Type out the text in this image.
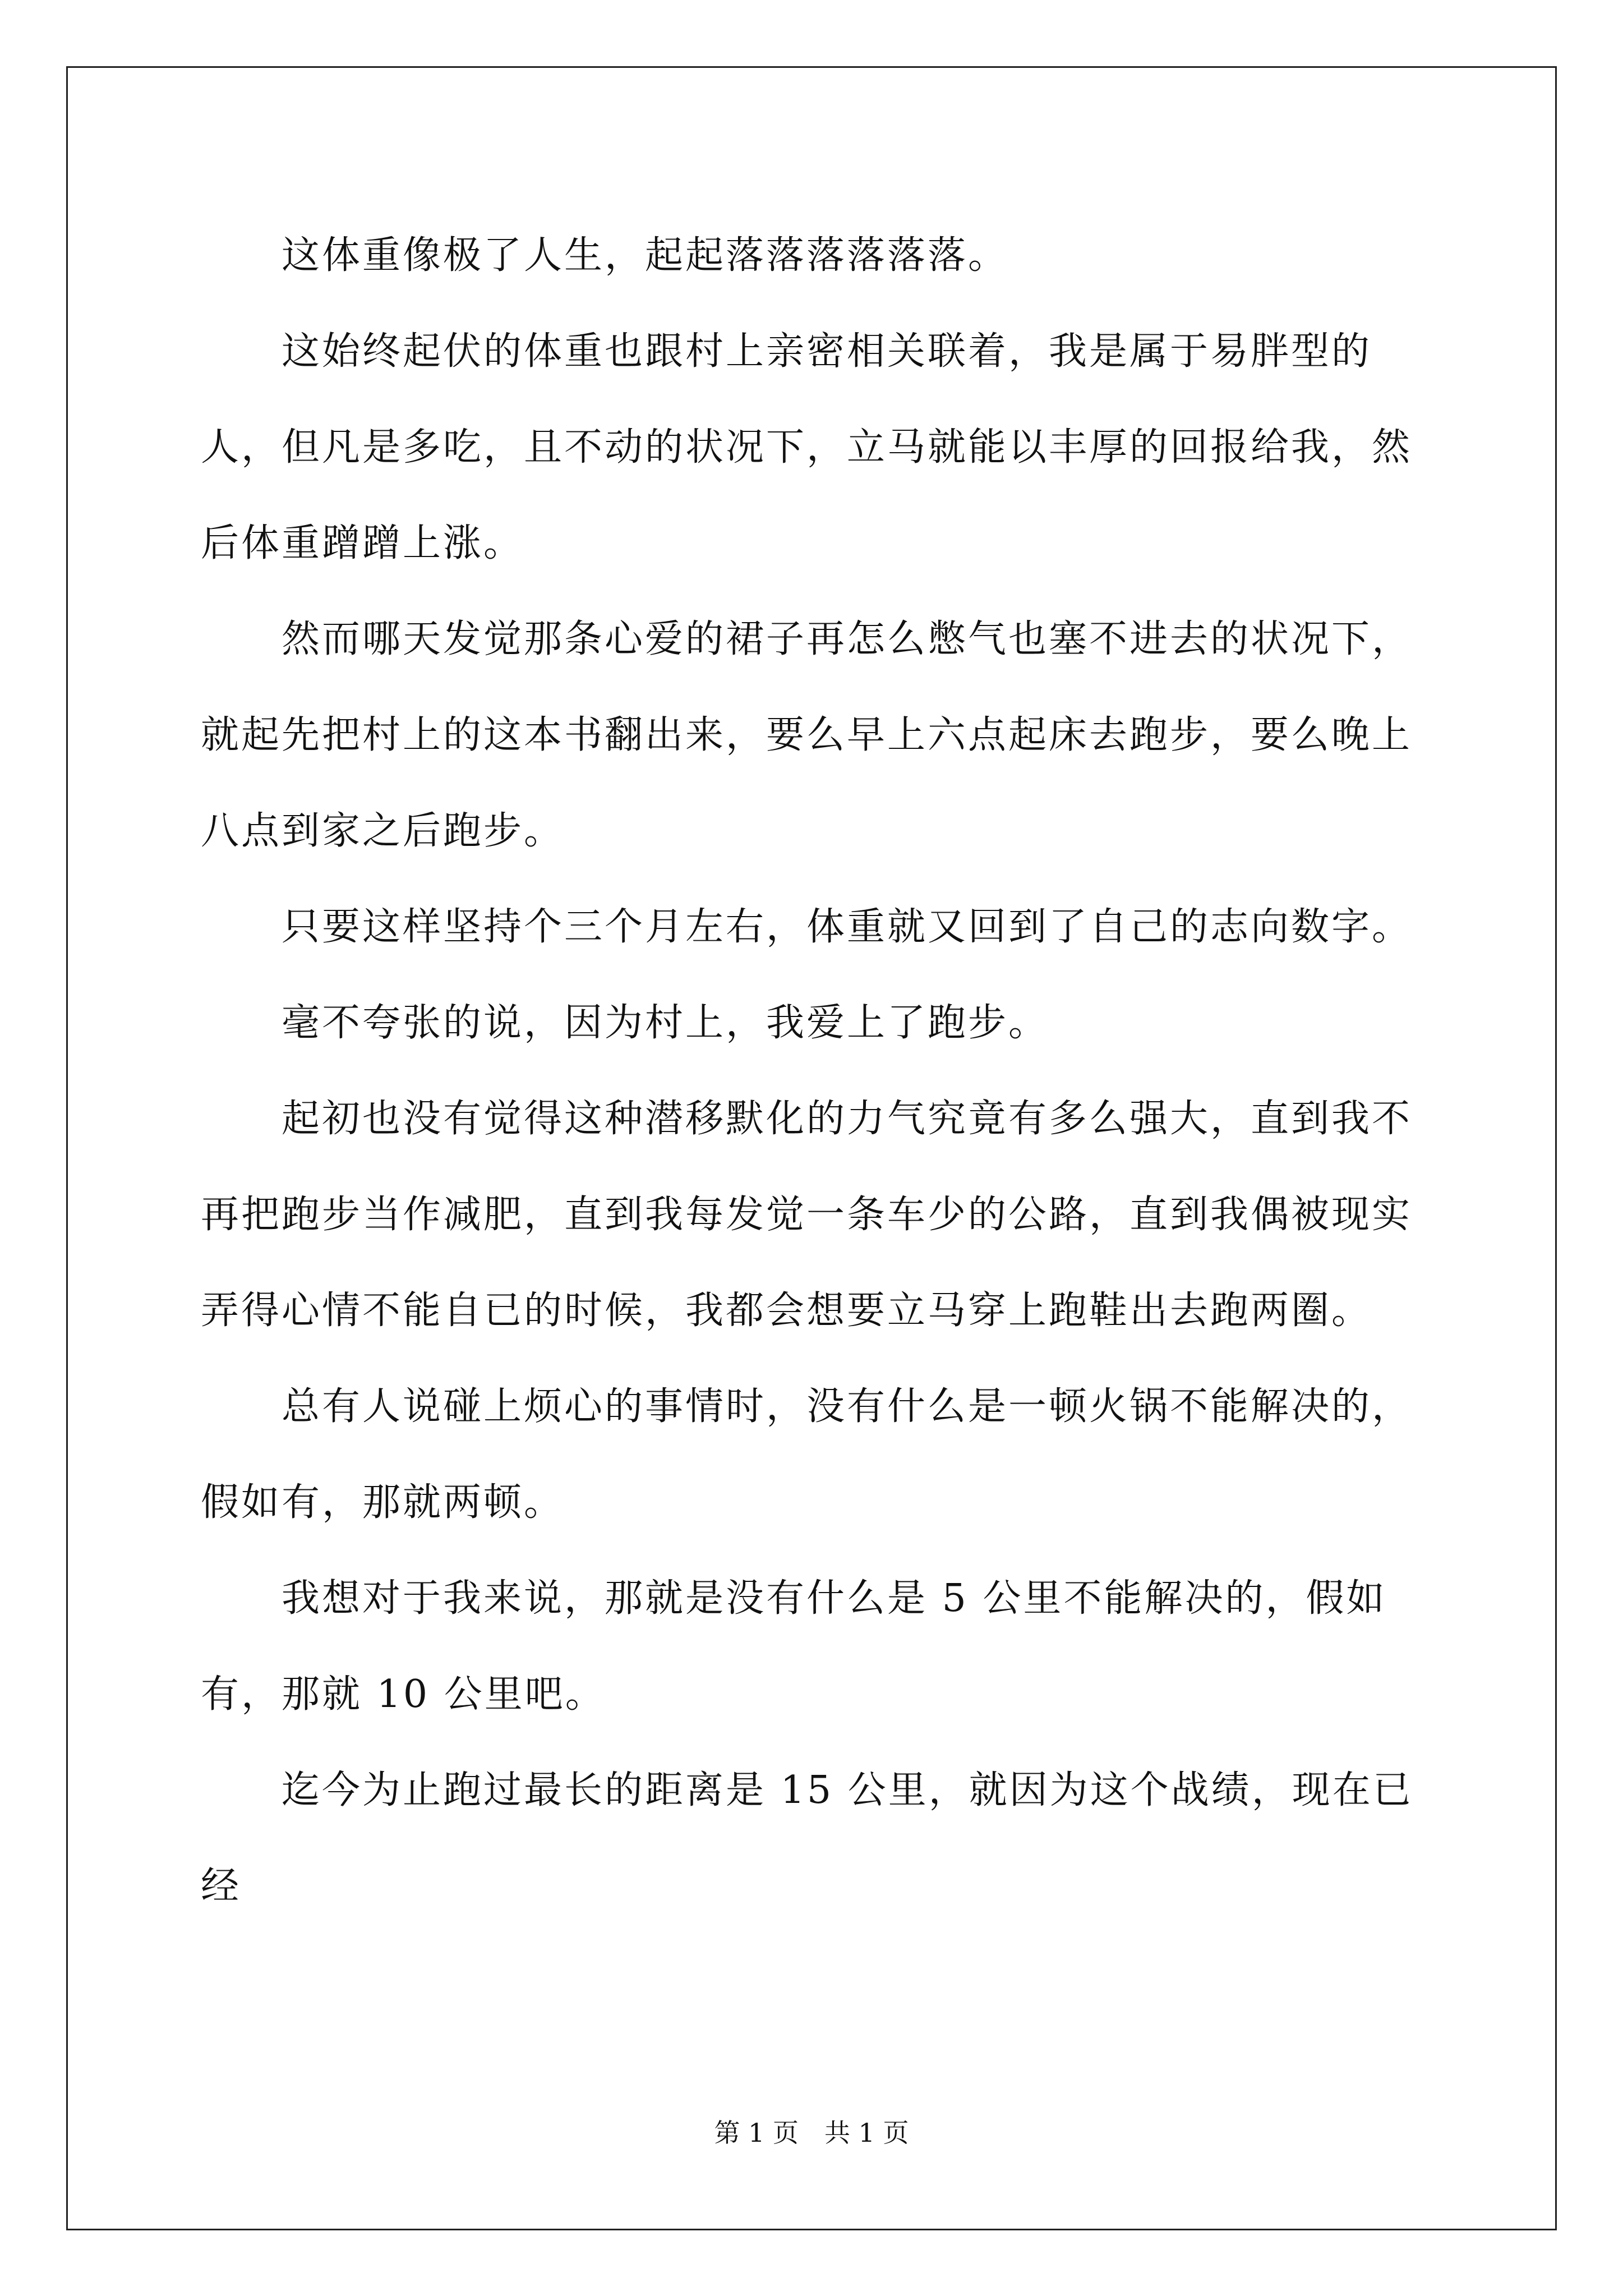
这体重像极了人生，起起落落落落落落。

这始终起伏的体重也跟村上亲密相关联着，我是属于易胖型的人，但凡是多吃，且不动的状况下，立马就能以丰厚的回报给我，然后体重蹭蹭上涨。

然而哪天发觉那条心爱的裙子再怎么憋气也塞不进去的状况下，就起先把村上的这本书翻出来，要么早上六点起床去跑步，要么晚上八点到家之后跑步。

只要这样坚持个三个月左右，体重就又回到了自己的志向数字。

毫不夸张的说，因为村上，我爱上了跑步。

起初也没有觉得这种潜移默化的力气究竟有多么强大，直到我不再把跑步当作减肥，直到我每发觉一条车少的公路，直到我偶被现实弄得心情不能自已的时候，我都会想要立马穿上跑鞋出去跑两圈。

总有人说碰上烦心的事情时，没有什么是一顿火锅不能解决的，假如有，那就两顿。

我想对于我来说，那就是没有什么是 5 公里不能解决的，假如有，那就 10 公里吧。

迄今为止跑过最长的距离是 15 公里，就因为这个战绩，现在已经

第 1 页 共 1 页
